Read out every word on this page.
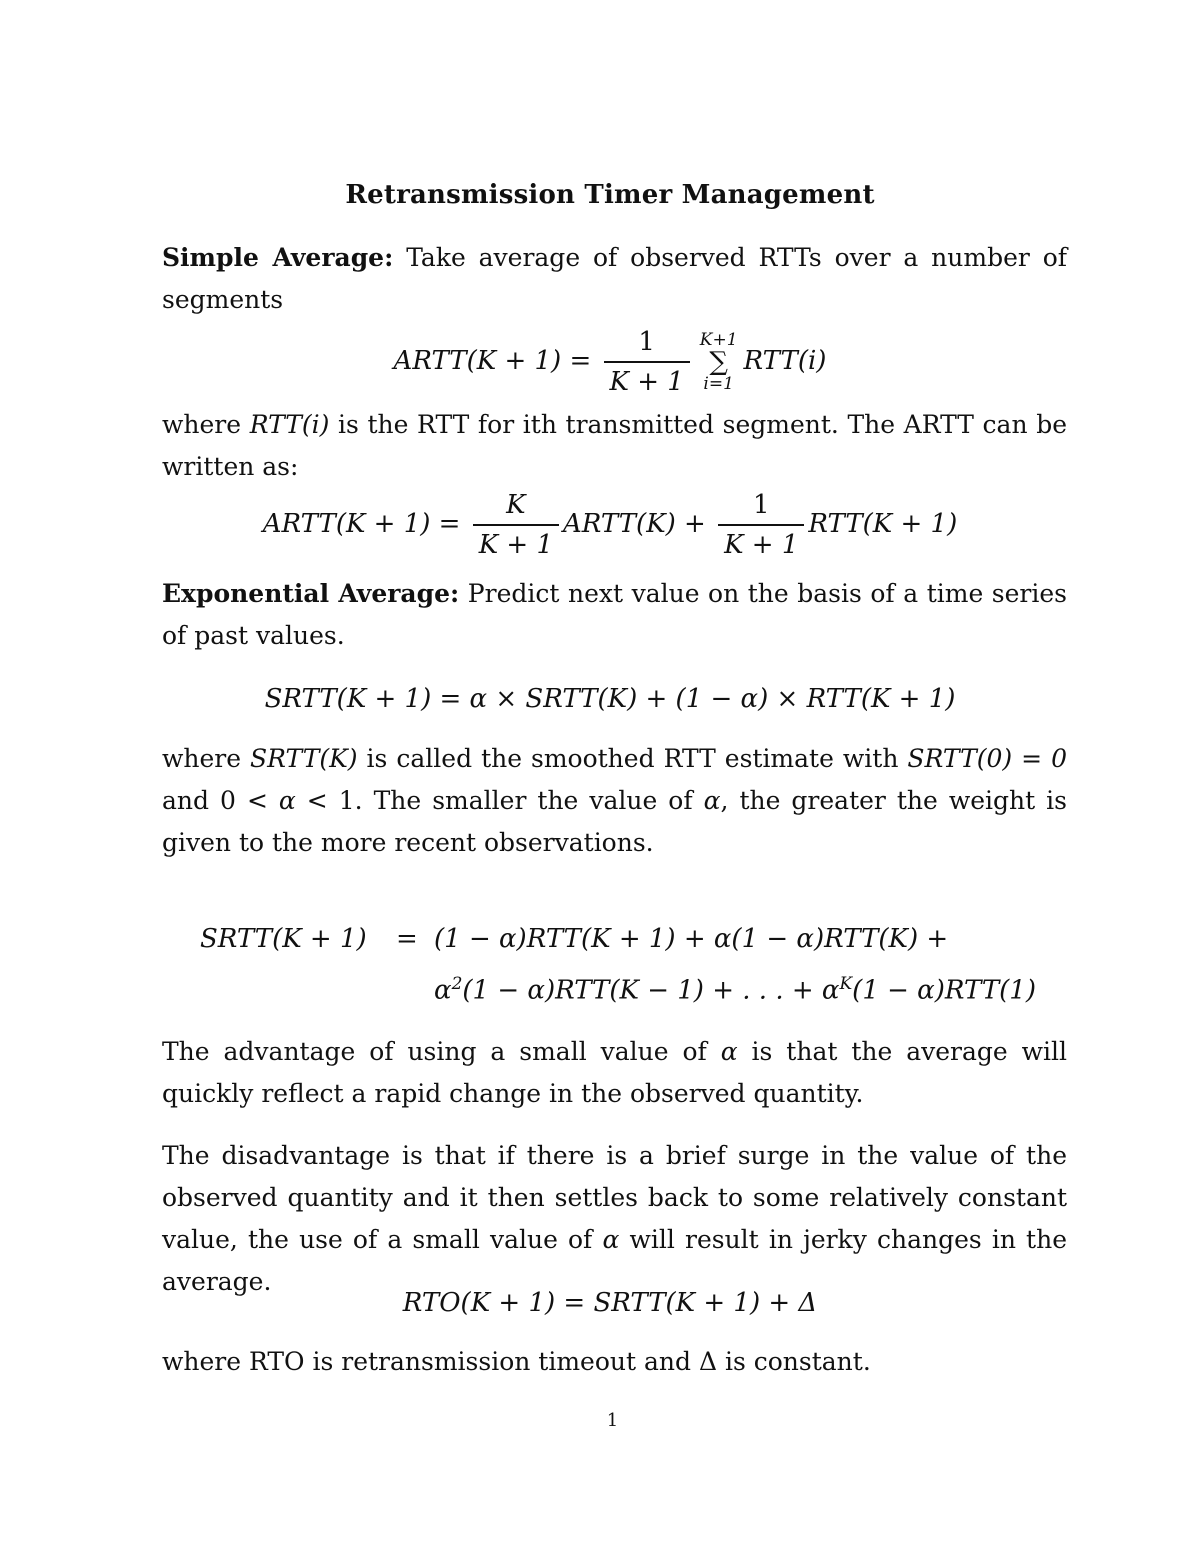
Retransmission Timer Management
Simple Average: Take average of observed RTTs over a number of segments
ARTT(K + $1) = \frac{1}{K + 1} K+1$
∑
i=1
RTT(i)
where RTT(i) is the RTT for ith transmitted segment. The ARTT can be written as:
ARTT(K + $1) = \frac{K}{K + 1}$ ARTT(K) + $\frac{1}{K + 1} RTT(K + 1)$
Exponential Average: Predict next value on the basis of a time series of past values.
SRTT(K + 1) = α × SRTT(K) + (1 − α) × RTT(K + 1)
where SRTT(K) is called the smoothed RTT estimate with SRTT(0) = 0 and 0 < α < 1. The smaller the value of α, the greater the weight is given to the more recent observations.
SRTT(K + 1) = (1 − α)RTT(K + 1) + α(1 − α)RTT(K) +
$\alpha^2(1 - \alpha)RTT(K - 1)$ + . . . + $\alpha^K(1 - \alpha)RTT(1)$
The advantage of using a small value of α is that the average will quickly reflect a rapid change in the observed quantity.
The disadvantage is that if there is a brief surge in the value of the observed quantity and it then settles back to some relatively constant value, the use of a small value of α will result in jerky changes in the average.
RTO(K + 1) = SRTT(K + 1) + Δ
where RTO is retransmission timeout and Δ is constant.
1
